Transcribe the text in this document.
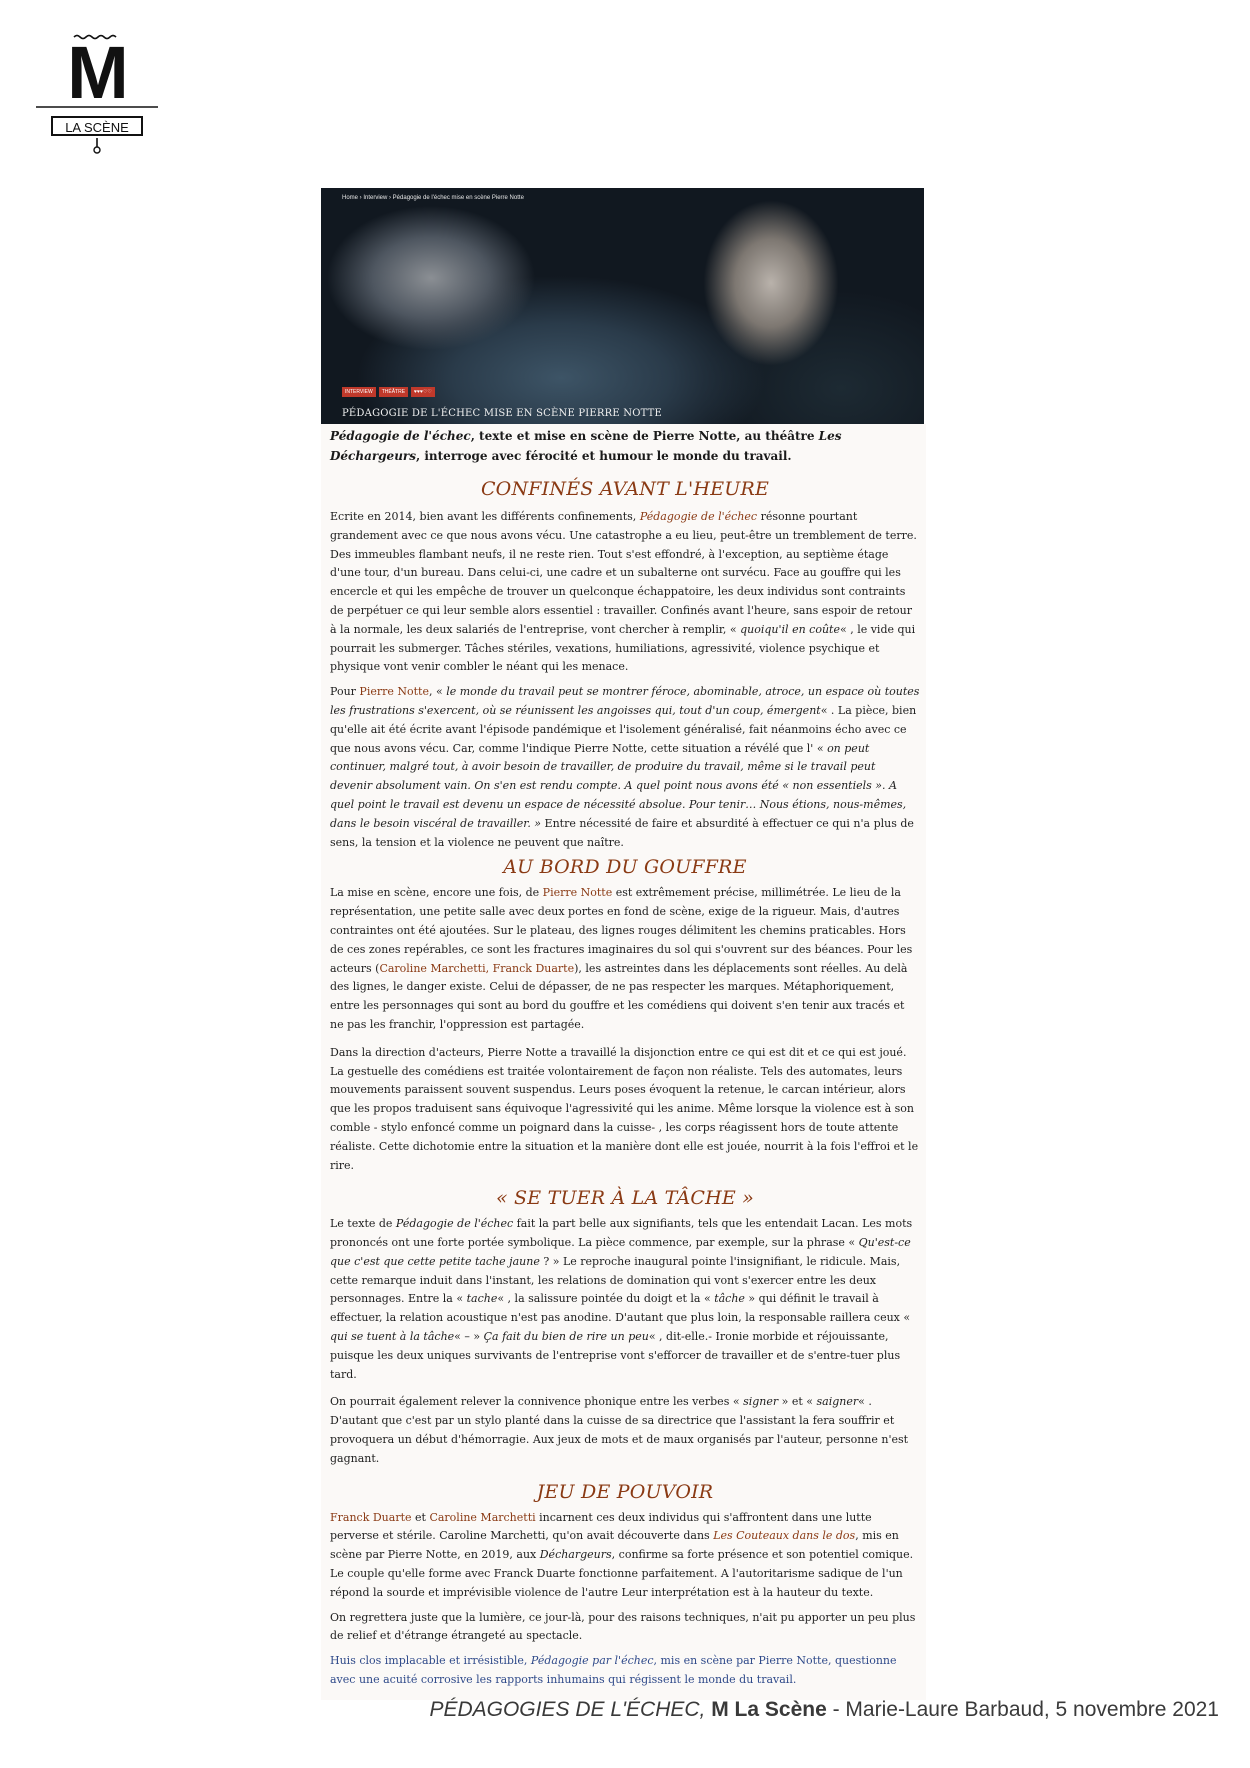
M
LA SCÈNE
Home › Interview › Pédagogie de l'échec mise en scène Pierre Notte
INTERVIEW	THÉÂTRE	♥♥♥♡♡
PÉDAGOGIE DE L'ÉCHEC MISE EN SCÈNE PIERRE NOTTE
Pédagogie de l'échec, texte et mise en scène de Pierre Notte, au théâtre Les Déchargeurs, interroge avec férocité et humour le monde du travail.
CONFINÉS AVANT L'HEURE

Ecrite en 2014, bien avant les différents confinements, Pédagogie de l'échec résonne pourtant grandement avec ce que nous avons vécu. Une catastrophe a eu lieu, peut-être un tremblement de terre. Des immeubles flambant neufs, il ne reste rien. Tout s'est effondré, à l'exception, au septième étage d'une tour, d'un bureau. Dans celui-ci, une cadre et un subalterne ont survécu. Face au gouffre qui les encercle et qui les empêche de trouver un quelconque échappatoire, les deux individus sont contraints de perpétuer ce qui leur semble alors essentiel : travailler. Confinés avant l'heure, sans espoir de retour à la normale, les deux salariés de l'entreprise, vont chercher à remplir, « quoiqu'il en coûte« , le vide qui pourrait les submerger. Tâches stériles, vexations, humiliations, agressivité, violence psychique et physique vont venir combler le néant qui les menace.

Pour Pierre Notte, « le monde du travail peut se montrer féroce, abominable, atroce, un espace où toutes les frustrations s'exercent, où se réunissent les angoisses qui, tout d'un coup, émergent« . La pièce, bien qu'elle ait été écrite avant l'épisode pandémique et l'isolement généralisé, fait néanmoins écho avec ce que nous avons vécu. Car, comme l'indique Pierre Notte, cette situation a révélé que l' « on peut continuer, malgré tout, à avoir besoin de travailler, de produire du travail, même si le travail peut devenir absolument vain. On s'en est rendu compte. A quel point nous avons été « non essentiels ». A quel point le travail est devenu un espace de nécessité absolue. Pour tenir… Nous étions, nous-mêmes, dans le besoin viscéral de travailler. » Entre nécessité de faire et absurdité à effectuer ce qui n'a plus de sens, la tension et la violence ne peuvent que naître.

AU BORD DU GOUFFRE

La mise en scène, encore une fois, de Pierre Notte est extrêmement précise, millimétrée. Le lieu de la représentation, une petite salle avec deux portes en fond de scène, exige de la rigueur. Mais, d'autres contraintes ont été ajoutées. Sur le plateau, des lignes rouges délimitent les chemins praticables. Hors de ces zones repérables, ce sont les fractures imaginaires du sol qui s'ouvrent sur des béances. Pour les acteurs (Caroline Marchetti, Franck Duarte), les astreintes dans les déplacements sont réelles. Au delà des lignes, le danger existe. Celui de dépasser, de ne pas respecter les marques. Métaphoriquement, entre les personnages qui sont au bord du gouffre et les comédiens qui doivent s'en tenir aux tracés et ne pas les franchir, l'oppression est partagée.

Dans la direction d'acteurs, Pierre Notte a travaillé la disjonction entre ce qui est dit et ce qui est joué. La gestuelle des comédiens est traitée volontairement de façon non réaliste. Tels des automates, leurs mouvements paraissent souvent suspendus. Leurs poses évoquent la retenue, le carcan intérieur, alors que les propos traduisent sans équivoque l'agressivité qui les anime. Même lorsque la violence est à son comble - stylo enfoncé comme un poignard dans la cuisse- , les corps réagissent hors de toute attente réaliste. Cette dichotomie entre la situation et la manière dont elle est jouée, nourrit à la fois l'effroi et le rire.

« SE TUER À LA TÂCHE »

Le texte de Pédagogie de l'échec fait la part belle aux signifiants, tels que les entendait Lacan. Les mots prononcés ont une forte portée symbolique. La pièce commence, par exemple, sur la phrase « Qu'est-ce que c'est que cette petite tache jaune ? » Le reproche inaugural pointe l'insignifiant, le ridicule. Mais, cette remarque induit dans l'instant, les relations de domination qui vont s'exercer entre les deux personnages. Entre la « tache« , la salissure pointée du doigt et la « tâche » qui définit le travail à effectuer, la relation acoustique n'est pas anodine. D'autant que plus loin, la responsable raillera ceux « qui se tuent à la tâche« – » Ça fait du bien de rire un peu« , dit-elle.- Ironie morbide et réjouissante, puisque les deux uniques survivants de l'entreprise vont s'efforcer de travailler et de s'entre-tuer plus tard.

On pourrait également relever la connivence phonique entre les verbes « signer » et « saigner« . D'autant que c'est par un stylo planté dans la cuisse de sa directrice que l'assistant la fera souffrir et provoquera un début d'hémorragie. Aux jeux de mots et de maux organisés par l'auteur, personne n'est gagnant.

JEU DE POUVOIR

Franck Duarte et Caroline Marchetti incarnent ces deux individus qui s'affrontent dans une lutte perverse et stérile. Caroline Marchetti, qu'on avait découverte dans Les Couteaux dans le dos, mis en scène par Pierre Notte, en 2019, aux Déchargeurs, confirme sa forte présence et son potentiel comique. Le couple qu'elle forme avec Franck Duarte fonctionne parfaitement. A l'autoritarisme sadique de l'un répond la sourde et imprévisible violence de l'autre Leur interprétation est à la hauteur du texte.

On regrettera juste que la lumière, ce jour-là, pour des raisons techniques, n'ait pu apporter un peu plus de relief et d'étrange étrangeté au spectacle.

Huis clos implacable et irrésistible, Pédagogie par l'échec, mis en scène par Pierre Notte, questionne avec une acuité corrosive les rapports inhumains qui régissent le monde du travail.

PÉDAGOGIES DE L'ÉCHEC, M La Scène - Marie-Laure Barbaud, 5 novembre 2021
